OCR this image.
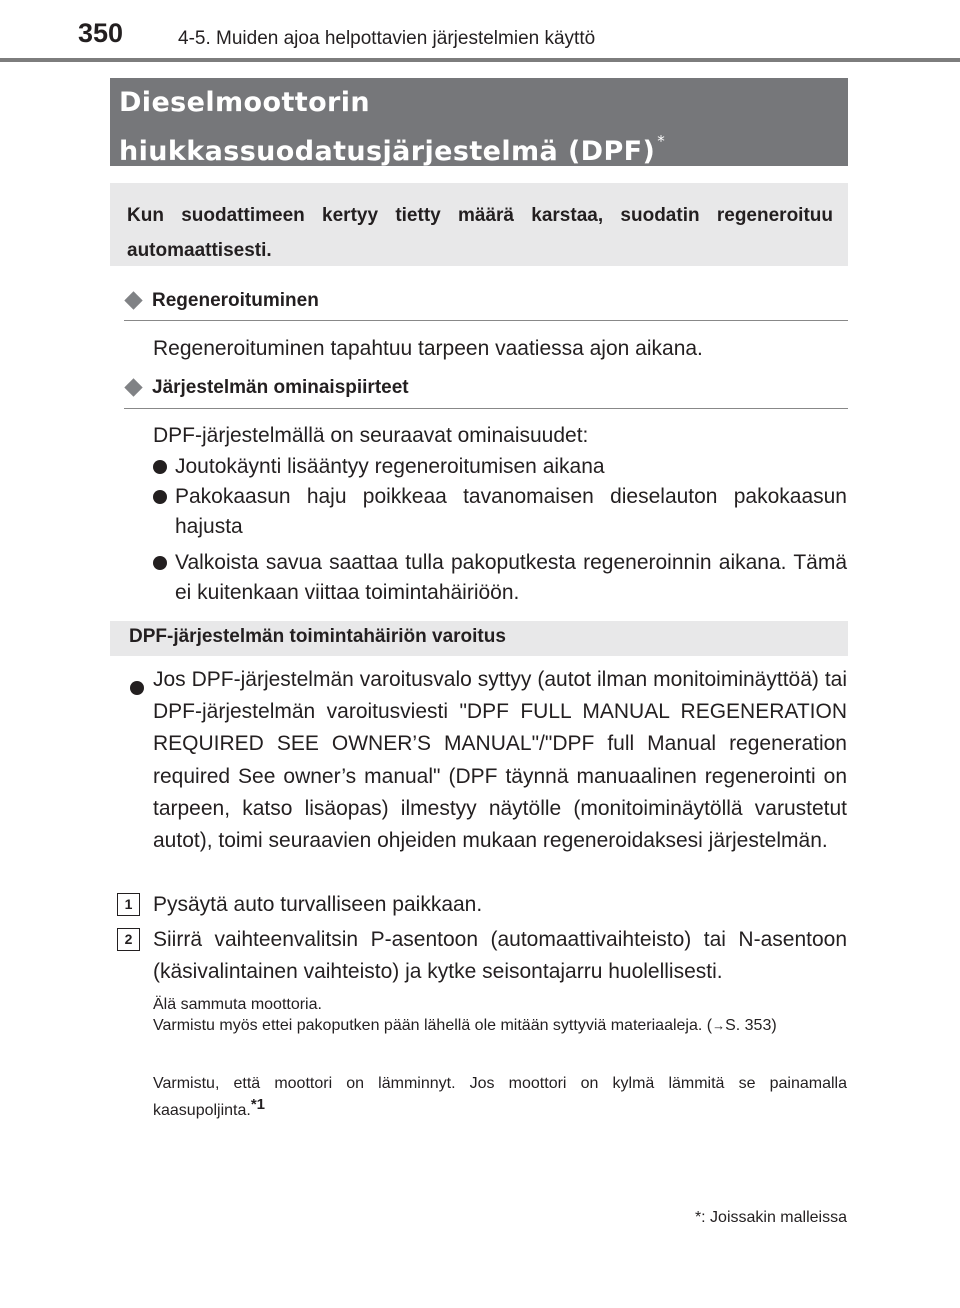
350	4-5. Muiden ajoa helpottavien järjestelmien käyttö
Dieselmoottorin
hiukkassuodatusjärjestelmä (DPF) *
Kun suodattimeen kertyy tietty määrä karstaa, suodatin regeneroituu automaattisesti.
Regeneroituminen
Regeneroituminen tapahtuu tarpeen vaatiessa ajon aikana.
Järjestelmän ominaispiirteet
DPF-järjestelmällä on seuraavat ominaisuudet:
Joutokäynti lisääntyy regeneroitumisen aikana
Pakokaasun haju poikkeaa tavanomaisen dieselauton pakokaasun hajusta
Valkoista savua saattaa tulla pakoputkesta regeneroinnin aikana. Tämä ei kuitenkaan viittaa toimintahäiriöön.
DPF-järjestelmän toimintahäiriön varoitus
Jos DPF-järjestelmän varoitusvalo syttyy (autot ilman monitoiminäyttöä) tai DPF-järjestelmän varoitusviesti "DPF FULL MANUAL REGENERATION REQUIRED SEE OWNER’S MANUAL"/"DPF full Manual regeneration required See owner’s manual" (DPF täynnä manuaalinen regenerointi on tarpeen, katso lisäopas) ilmestyy näytölle (monitoiminäytöllä varustetut autot), toimi seuraavien ohjeiden mukaan regeneroidaksesi järjestelmän.
1 Pysäytä auto turvalliseen paikkaan.
2 Siirrä vaihteenvalitsin P-asentoon (automaattivaihteisto) tai N-asentoon (käsivalintainen vaihteisto) ja kytke seisontajarru huolellisesti.
Älä sammuta moottoria.
Varmistu myös ettei pakoputken pään lähellä ole mitään syttyviä materiaaleja. (→S. 353)
Varmistu, että moottori on lämminnyt. Jos moottori on kylmä lämmitä se painamalla kaasupoljinta.$^{*1}$
*: Joissakin malleissa
